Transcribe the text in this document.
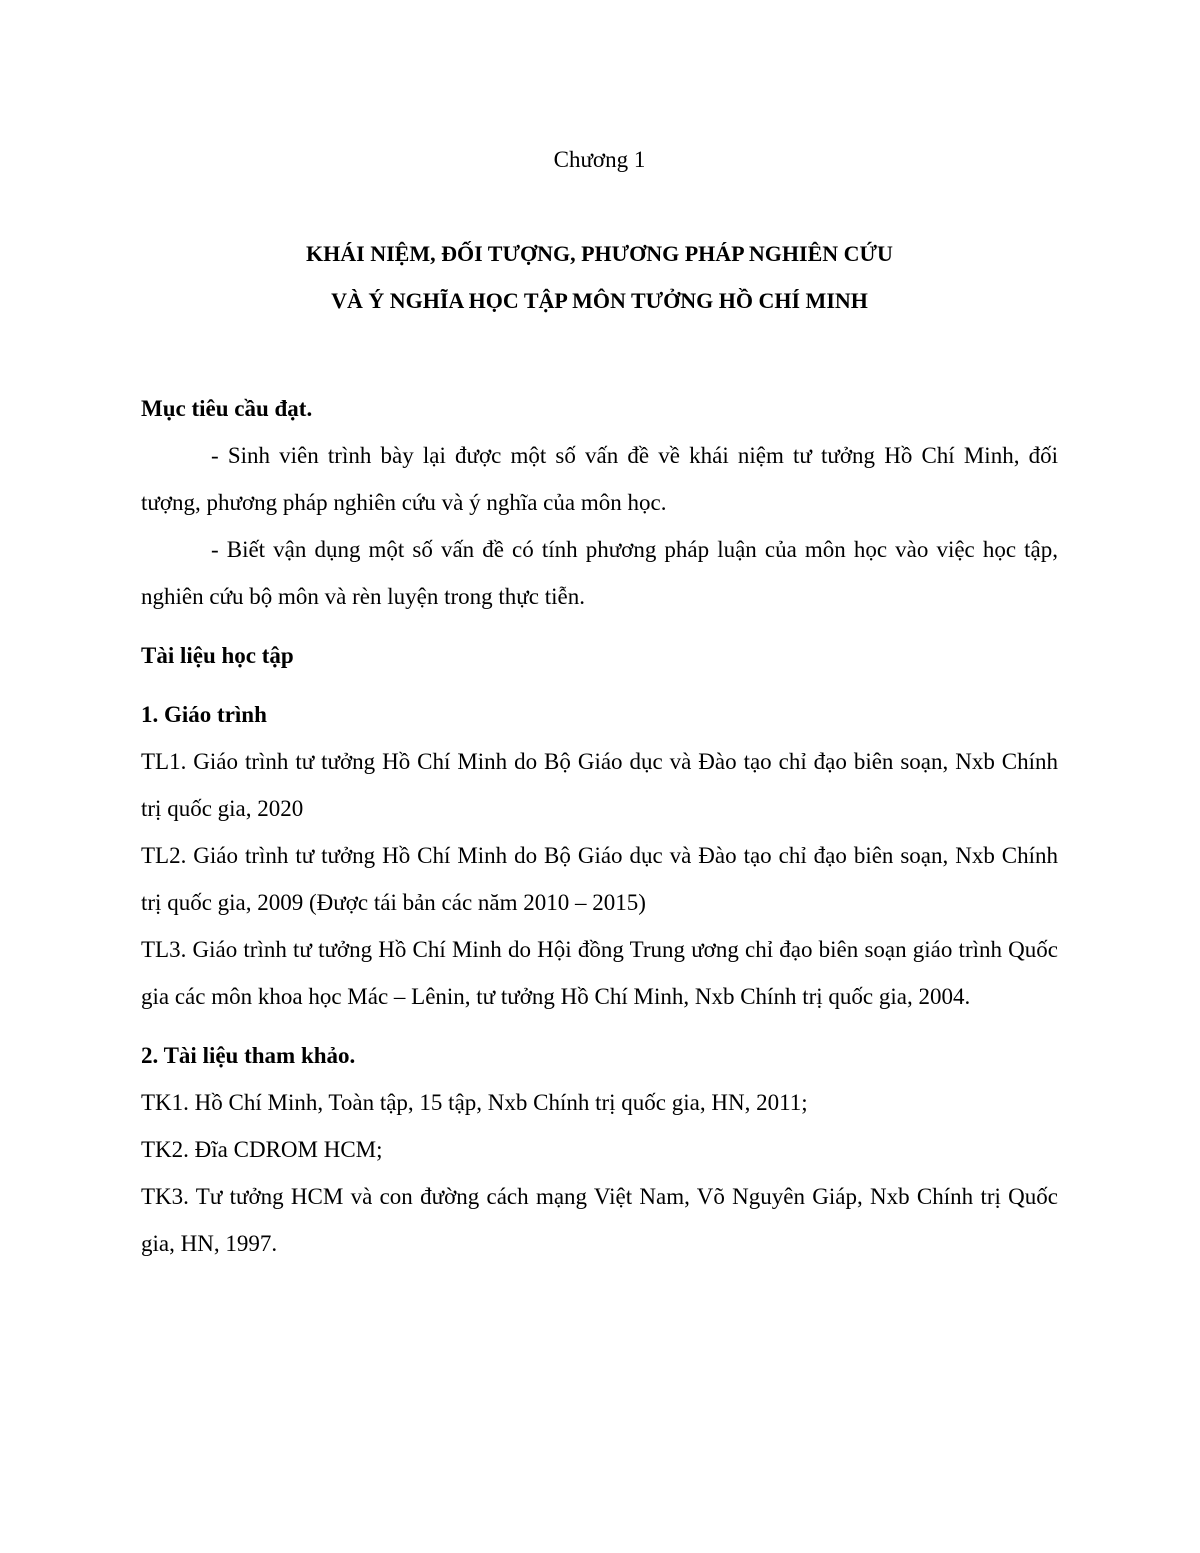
Chương 1
KHÁI NIỆM, ĐỐI TƯỢNG, PHƯƠNG PHÁP NGHIÊN CỨU
VÀ Ý NGHĨA HỌC TẬP MÔN TƯỞNG HỒ CHÍ MINH
Mục tiêu cầu đạt.

- Sinh viên trình bày lại được một số vấn đề về khái niệm tư tưởng Hồ Chí Minh, đối tượng, phương pháp nghiên cứu và ý nghĩa của môn học.

- Biết vận dụng một số vấn đề có tính phương pháp luận của môn học vào việc học tập, nghiên cứu bộ môn và rèn luyện trong thực tiễn.

Tài liệu học tập
1. Giáo trình

TL1. Giáo trình tư tưởng Hồ Chí Minh do Bộ Giáo dục và Đào tạo chỉ đạo biên soạn, Nxb Chính trị quốc gia, 2020

TL2. Giáo trình tư tưởng Hồ Chí Minh do Bộ Giáo dục và Đào tạo chỉ đạo biên soạn, Nxb Chính trị quốc gia, 2009 (Được tái bản các năm 2010 – 2015)

TL3. Giáo trình tư tưởng Hồ Chí Minh do Hội đồng Trung ương chỉ đạo biên soạn giáo trình Quốc gia các môn khoa học Mác – Lênin, tư tưởng Hồ Chí Minh, Nxb Chính trị quốc gia, 2004.

2. Tài liệu tham khảo.

TK1. Hồ Chí Minh, Toàn tập, 15 tập, Nxb Chính trị quốc gia, HN, 2011;

TK2. Đĩa CDROM HCM;

TK3. Tư tưởng HCM và con đường cách mạng Việt Nam, Võ Nguyên Giáp, Nxb Chính trị Quốc gia, HN, 1997.
